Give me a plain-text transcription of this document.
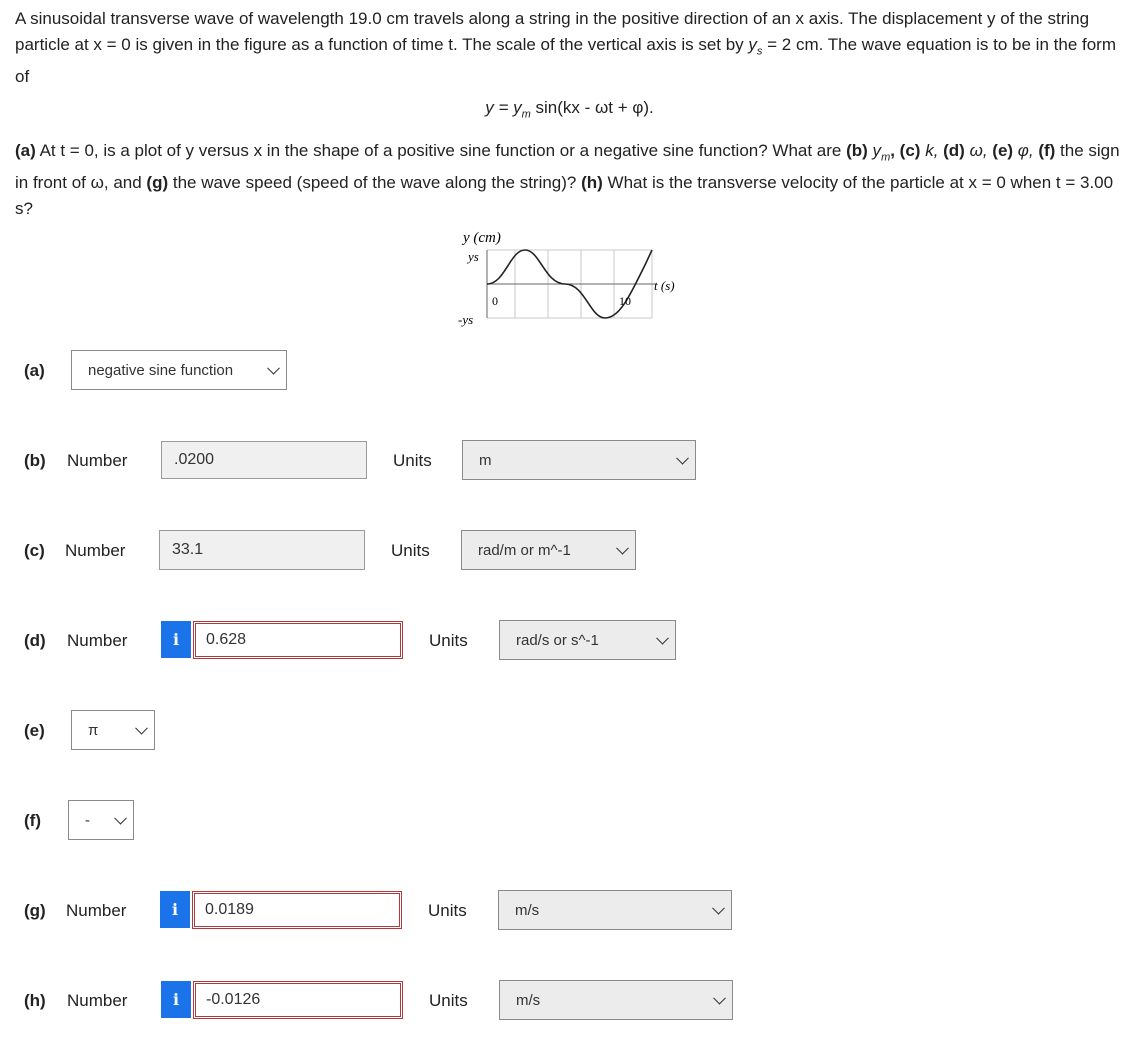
A sinusoidal transverse wave of wavelength 19.0 cm travels along a string in the positive direction of an x axis. The displacement y of the string particle at x = 0 is given in the figure as a function of time t. The scale of the vertical axis is set by $y_s = 2$ cm. The wave equation is to be in the form of
$y = y_m$ sin(kx - ωt + φ).
(a) At t = 0, is a plot of y versus x in the shape of a positive sine function or a negative sine function? What are (b) $y_m$, (c) k, (d) ω, (e) φ, (f) the sign in front of ω, and (g) the wave speed (speed of the wave along the string)? (h) What is the transverse velocity of the particle at x = 0 when t = 3.00 s?
y (cm)
ys
-ys
0	10
t (s)
(a)	negative sine function
(b) Number	.0200	Units	m
(c) Number	33.1	Units	rad/m or m^-1
(d) Number	i	0.628	Units	rad/s or s^-1
(e)	π
(f)	-
(g) Number	i	0.0189	Units	m/s
(h) Number	i	-0.0126	Units	m/s
